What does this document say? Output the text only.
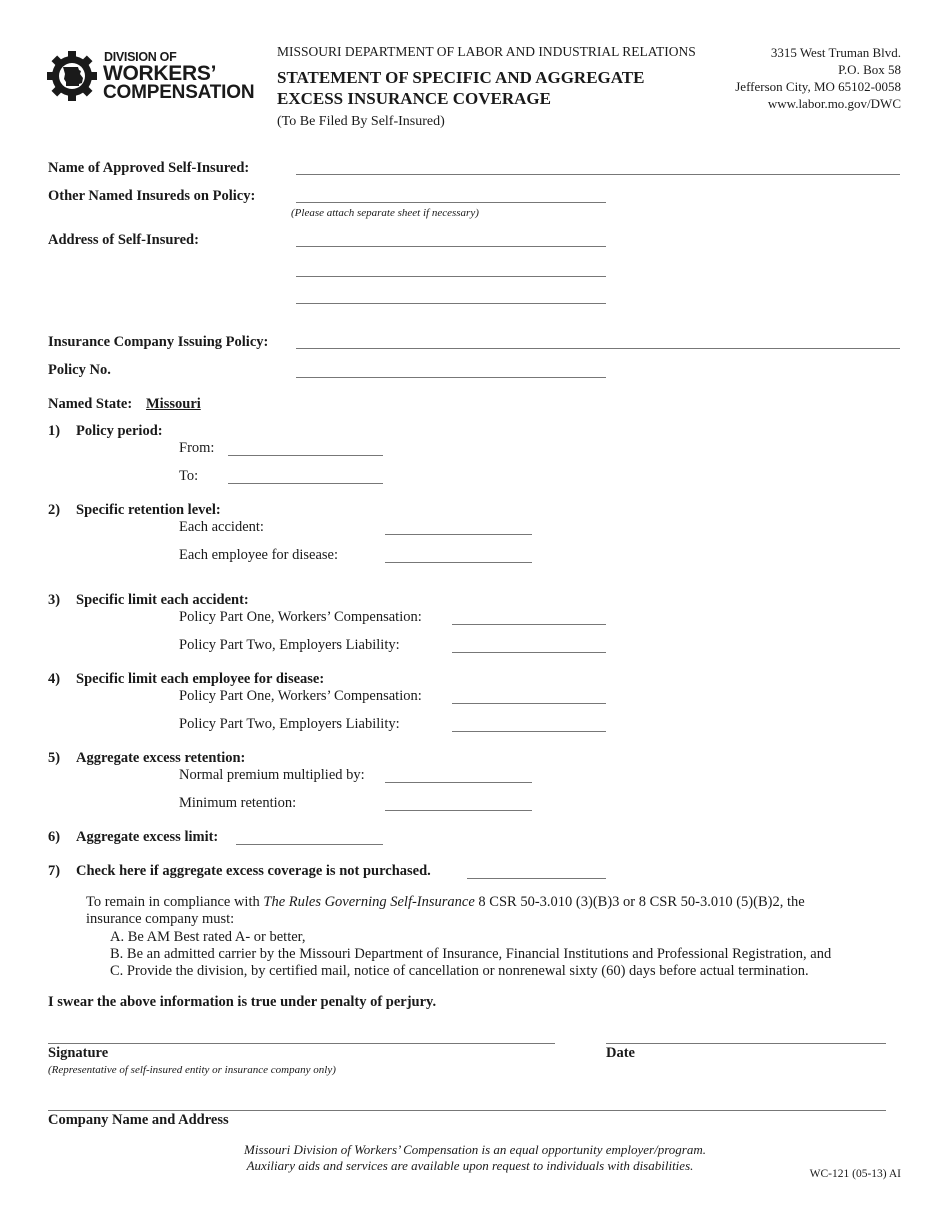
DIVISION OF
WORKERS’
COMPENSATION
MISSOURI DEPARTMENT OF LABOR AND INDUSTRIAL RELATIONS
STATEMENT OF SPECIFIC AND AGGREGATE
EXCESS INSURANCE COVERAGE
(To Be Filed By Self-Insured)
3315 West Truman Blvd.
P.O. Box 58
Jefferson City, MO 65102-0058
www.labor.mo.gov/DWC
Name of Approved Self-Insured:
Other Named Insureds on Policy:
(Please attach separate sheet if necessary)
Address of Self-Insured:
Insurance Company Issuing Policy:
Policy No.
Named State: Missouri
1) Policy period:
From:
To:
2) Specific retention level:
Each accident:
Each employee for disease:
3) Specific limit each accident:
Policy Part One, Workers’ Compensation:
Policy Part Two, Employers Liability:
4) Specific limit each employee for disease:
Policy Part One, Workers’ Compensation:
Policy Part Two, Employers Liability:
5) Aggregate excess retention:
Normal premium multiplied by:
Minimum retention:
6) Aggregate excess limit:
7) Check here if aggregate excess coverage is not purchased.
To remain in compliance with The Rules Governing Self-Insurance 8 CSR 50-3.010 (3)(B)3 or 8 CSR 50-3.010 (5)(B)2, the
insurance company must:
A. Be AM Best rated A- or better,
B. Be an admitted carrier by the Missouri Department of Insurance, Financial Institutions and Professional Registration, and
C. Provide the division, by certified mail, notice of cancellation or nonrenewal sixty (60) days before actual termination.
I swear the above information is true under penalty of perjury.
Signature
(Representative of self-insured entity or insurance company only)
Date
Company Name and Address
Missouri Division of Workers’ Compensation is an equal opportunity employer/program.
Auxiliary aids and services are available upon request to individuals with disabilities.
WC-121 (05-13) AI
